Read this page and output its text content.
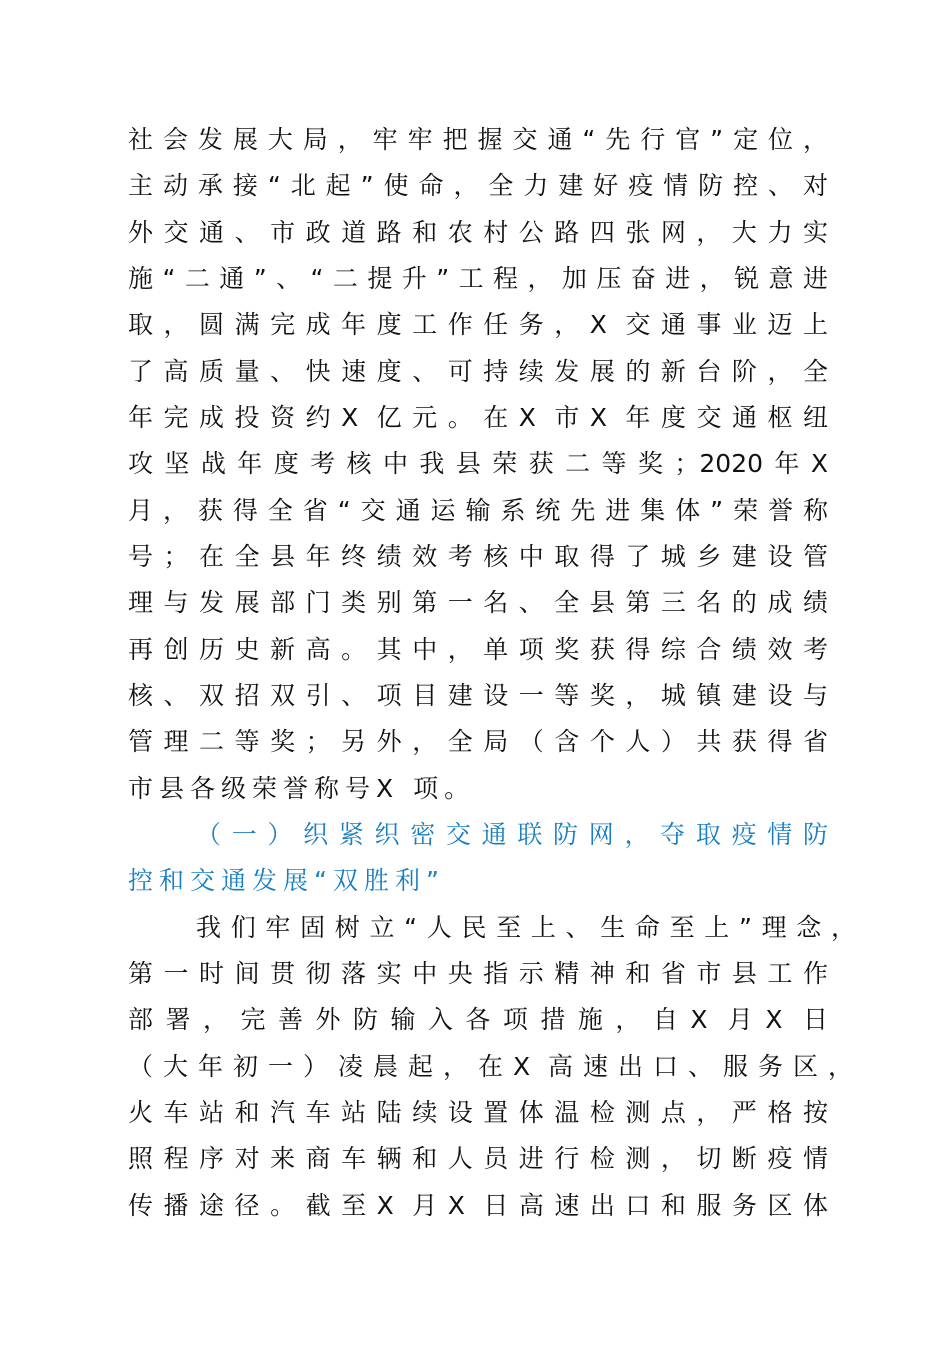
社会发展大局，牢牢把握交通“先行官”定位，
主动承接“北起”使命，全力建好疫情防控、对
外交通、市政道路和农村公路四张网，大力实
施“二通”、“二提升”工程，加压奋进，锐意进
取，圆满完成年度工作任务，X 交通事业迈上
了高质量、快速度、可持续发展的新台阶，全
年完成投资约X 亿元。在X 市X 年度交通枢纽
攻坚战年度考核中我县荣获二等奖；2020年X
月，获得全省“交通运输系统先进集体”荣誉称
号；在全县年终绩效考核中取得了城乡建设管
理与发展部门类别第一名、全县第三名的成绩
再创历史新高。其中，单项奖获得综合绩效考
核、双招双引、项目建设一等奖，城镇建设与
管理二等奖；另外，全局（含个人）共获得省
市县各级荣誉称号X 项。
（一）织紧织密交通联防网，夺取疫情防
控和交通发展“双胜利”
我们牢固树立“人民至上、生命至上”理念，
第一时间贯彻落实中央指示精神和省市县工作
部署，完善外防输入各项措施，自X 月X 日
（大年初一）凌晨起，在X 高速出口、服务区，
火车站和汽车站陆续设置体温检测点，严格按
照程序对来商车辆和人员进行检测，切断疫情
传播途径。截至X 月X 日高速出口和服务区体
